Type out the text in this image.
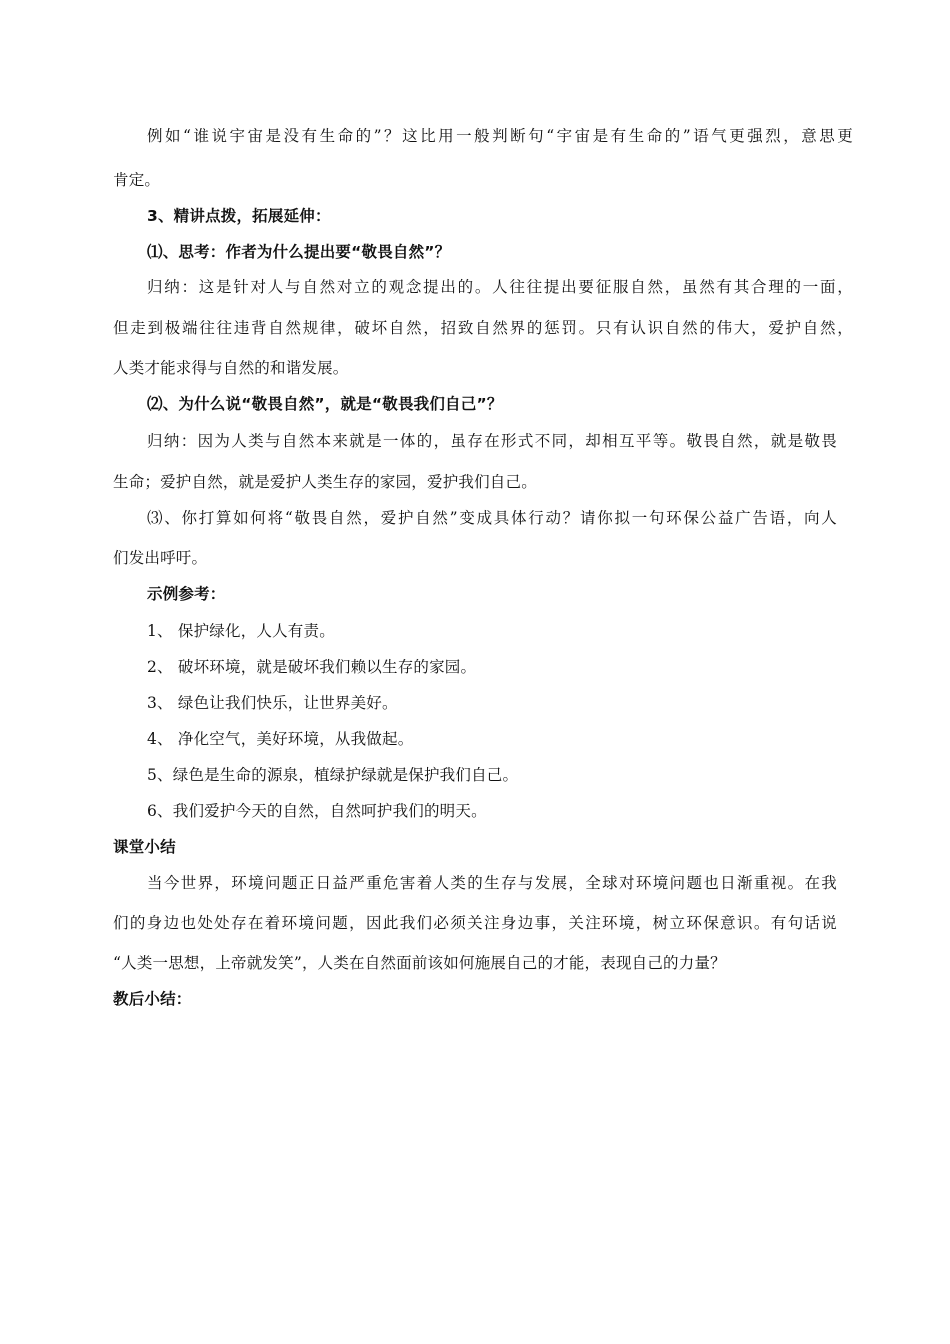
例如“谁说宇宙是没有生命的”？这比用一般判断句“宇宙是有生命的”语气更强烈，意思更
肯定。
3、精讲点拨，拓展延伸：
⑴、思考：作者为什么提出要“敬畏自然”？
归纳：这是针对人与自然对立的观念提出的。人往往提出要征服自然，虽然有其合理的一面，
但走到极端往往违背自然规律，破坏自然，招致自然界的惩罚。只有认识自然的伟大，爱护自然，
人类才能求得与自然的和谐发展。
⑵、为什么说“敬畏自然”，就是“敬畏我们自己”？
归纳：因为人类与自然本来就是一体的，虽存在形式不同，却相互平等。敬畏自然，就是敬畏
生命；爱护自然，就是爱护人类生存的家园，爱护我们自己。
⑶、你打算如何将“敬畏自然，爱护自然”变成具体行动？请你拟一句环保公益广告语，向人
们发出呼吁。
示例参考：
1、 保护绿化，人人有责。
2、 破坏环境，就是破坏我们赖以生存的家园。
3、 绿色让我们快乐，让世界美好。
4、 净化空气，美好环境，从我做起。
5、绿色是生命的源泉，植绿护绿就是保护我们自己。
6、我们爱护今天的自然，自然呵护我们的明天。
课堂小结
当今世界，环境问题正日益严重危害着人类的生存与发展，全球对环境问题也日渐重视。在我
们的身边也处处存在着环境问题，因此我们必须关注身边事，关注环境，树立环保意识。有句话说
“人类一思想，上帝就发笑”，人类在自然面前该如何施展自己的才能，表现自己的力量？
教后小结：
